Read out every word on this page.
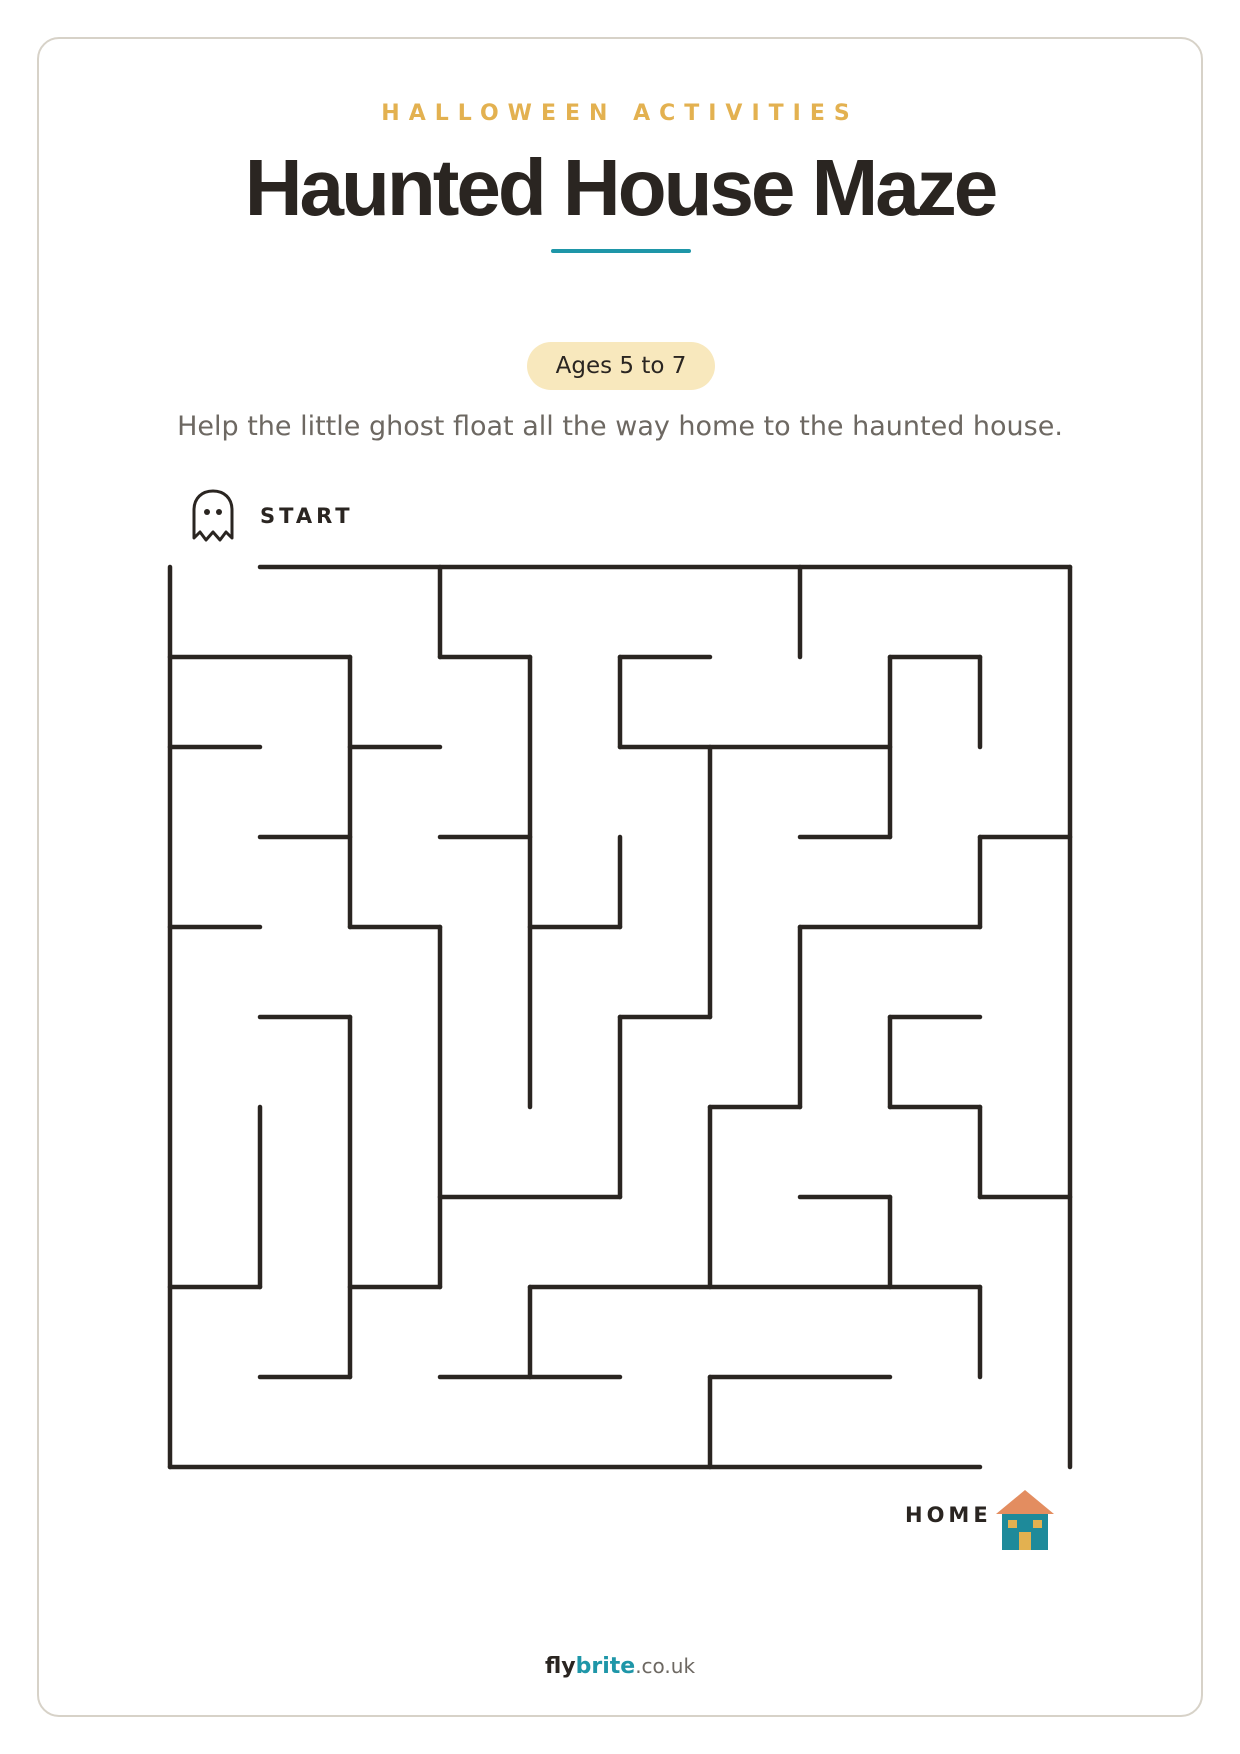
HALLOWEEN ACTIVITIES
Haunted House Maze
Ages 5 to 7
Help the little ghost float all the way home to the haunted house.
START
HOME
flybrite.co.uk
